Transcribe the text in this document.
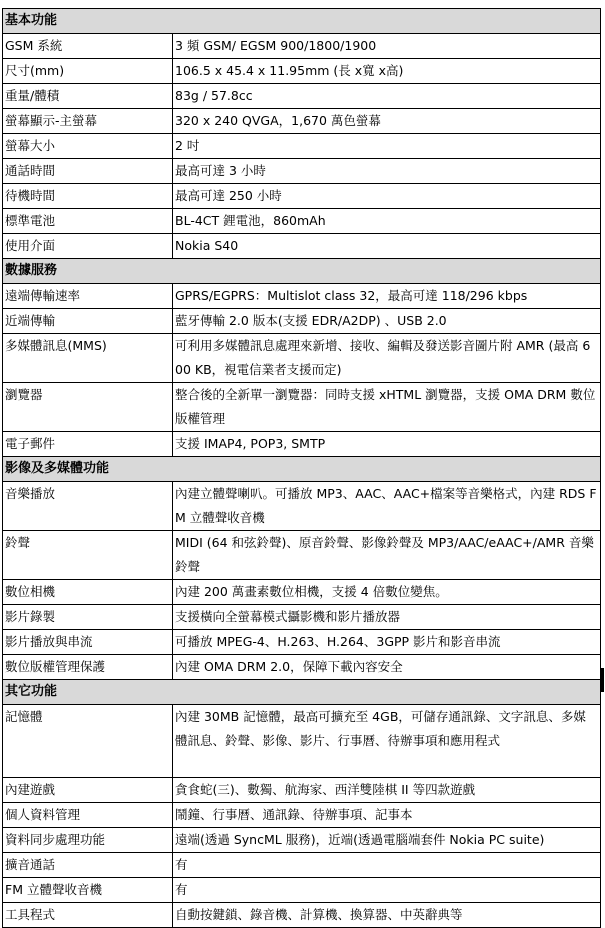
基本功能	
GSM 系統	3 頻 GSM/ EGSM 900/1800/1900
尺寸(mm)	106.5 x 45.4 x 11.95mm (長 x寬 x高)
重量/體積	83g / 57.8cc
螢幕顯示-主螢幕	320 x 240 QVGA，1,670 萬色螢幕
螢幕大小	2 吋
通話時間	最高可達 3 小時
待機時間	最高可達 250 小時
標準電池	BL-4CT 鋰電池，860mAh
使用介面	Nokia S40
數據服務	
遠端傳輸速率	GPRS/EGPRS：Multislot class 32，最高可達 118/296 kbps
近端傳輸	藍牙傳輸 2.0 版本(支援 EDR/A2DP) 、USB 2.0
多媒體訊息(MMS)	可利用多媒體訊息處理來新增、接收、編輯及發送影音圖片附 AMR (最高 600 KB，視電信業者支援而定)
瀏覽器	整合後的全新單一瀏覽器：同時支援 xHTML 瀏覽器，支援 OMA DRM 數位版權管理
電子郵件	支援 IMAP4, POP3, SMTP
影像及多媒體功能	
音樂播放	內建立體聲喇叭。可播放 MP3、AAC、AAC+檔案等音樂格式，內建 RDS FM 立體聲收音機
鈴聲	MIDI (64 和弦鈴聲)、原音鈴聲、影像鈴聲及 MP3/AAC/eAAC+/AMR 音樂鈴聲
數位相機	內建 200 萬畫素數位相機，支援 4 倍數位變焦。
影片錄製	支援橫向全螢幕模式攝影機和影片播放器
影片播放與串流	可播放 MPEG-4、H.263、H.264、3GPP 影片和影音串流
數位版權管理保護	內建 OMA DRM 2.0，保障下載內容安全
其它功能	
記憶體	內建 30MB 記憶體，最高可擴充至 4GB，可儲存通訊錄、文字訊息、多媒體訊息、鈴聲、影像、影片、行事曆、待辦事項和應用程式
內建遊戲	貪食蛇(三)、數獨、航海家、西洋雙陸棋 II 等四款遊戲
個人資料管理	鬧鐘、行事曆、通訊錄、待辦事項、記事本
資料同步處理功能	遠端(透過 SyncML 服務)，近端(透過電腦端套件 Nokia PC suite)
擴音通話	有
FM 立體聲收音機	有
工具程式	自動按鍵鎖、錄音機、計算機、換算器、中英辭典等
